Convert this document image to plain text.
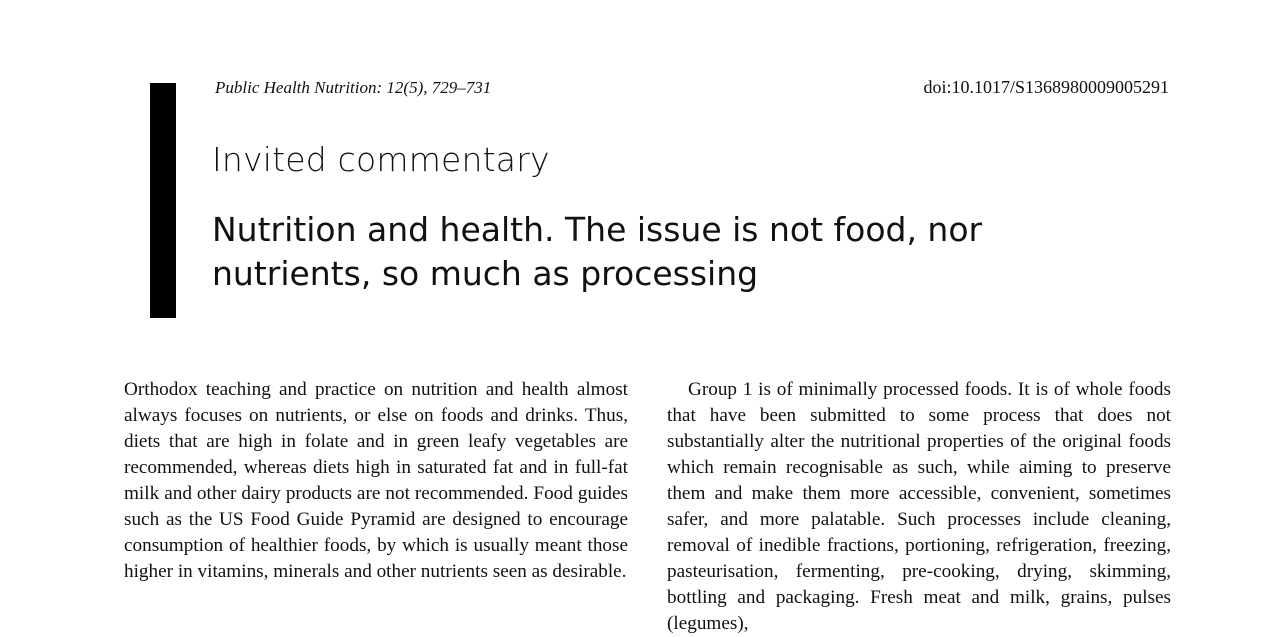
Public Health Nutrition: 12(5), 729–731	doi:10.1017/S1368980009005291
Invited commentary
Nutrition and health. The issue is not food, nor nutrients, so much as processing

Orthodox teaching and practice on nutrition and health almost always focuses on nutrients, or else on foods and drinks. Thus, diets that are high in folate and in green leafy vegetables are recommended, whereas diets high in saturated fat and in full-fat milk and other dairy products are not recommended. Food guides such as the US Food Guide Pyramid are designed to encourage consumption of healthier foods, by which is usually meant those higher in vitamins, minerals and other nutrients seen as desirable.

Group 1 is of minimally processed foods. It is of whole foods that have been submitted to some process that does not substantially alter the nutritional properties of the original foods which remain recognisable as such, while aiming to preserve them and make them more accessible, convenient, sometimes safer, and more palatable. Such processes include cleaning, removal of inedible fractions, portioning, refrigeration, freezing, pasteurisation, fermenting, pre-cooking, drying, skimming, bottling and packaging. Fresh meat and milk, grains, pulses (legumes),
